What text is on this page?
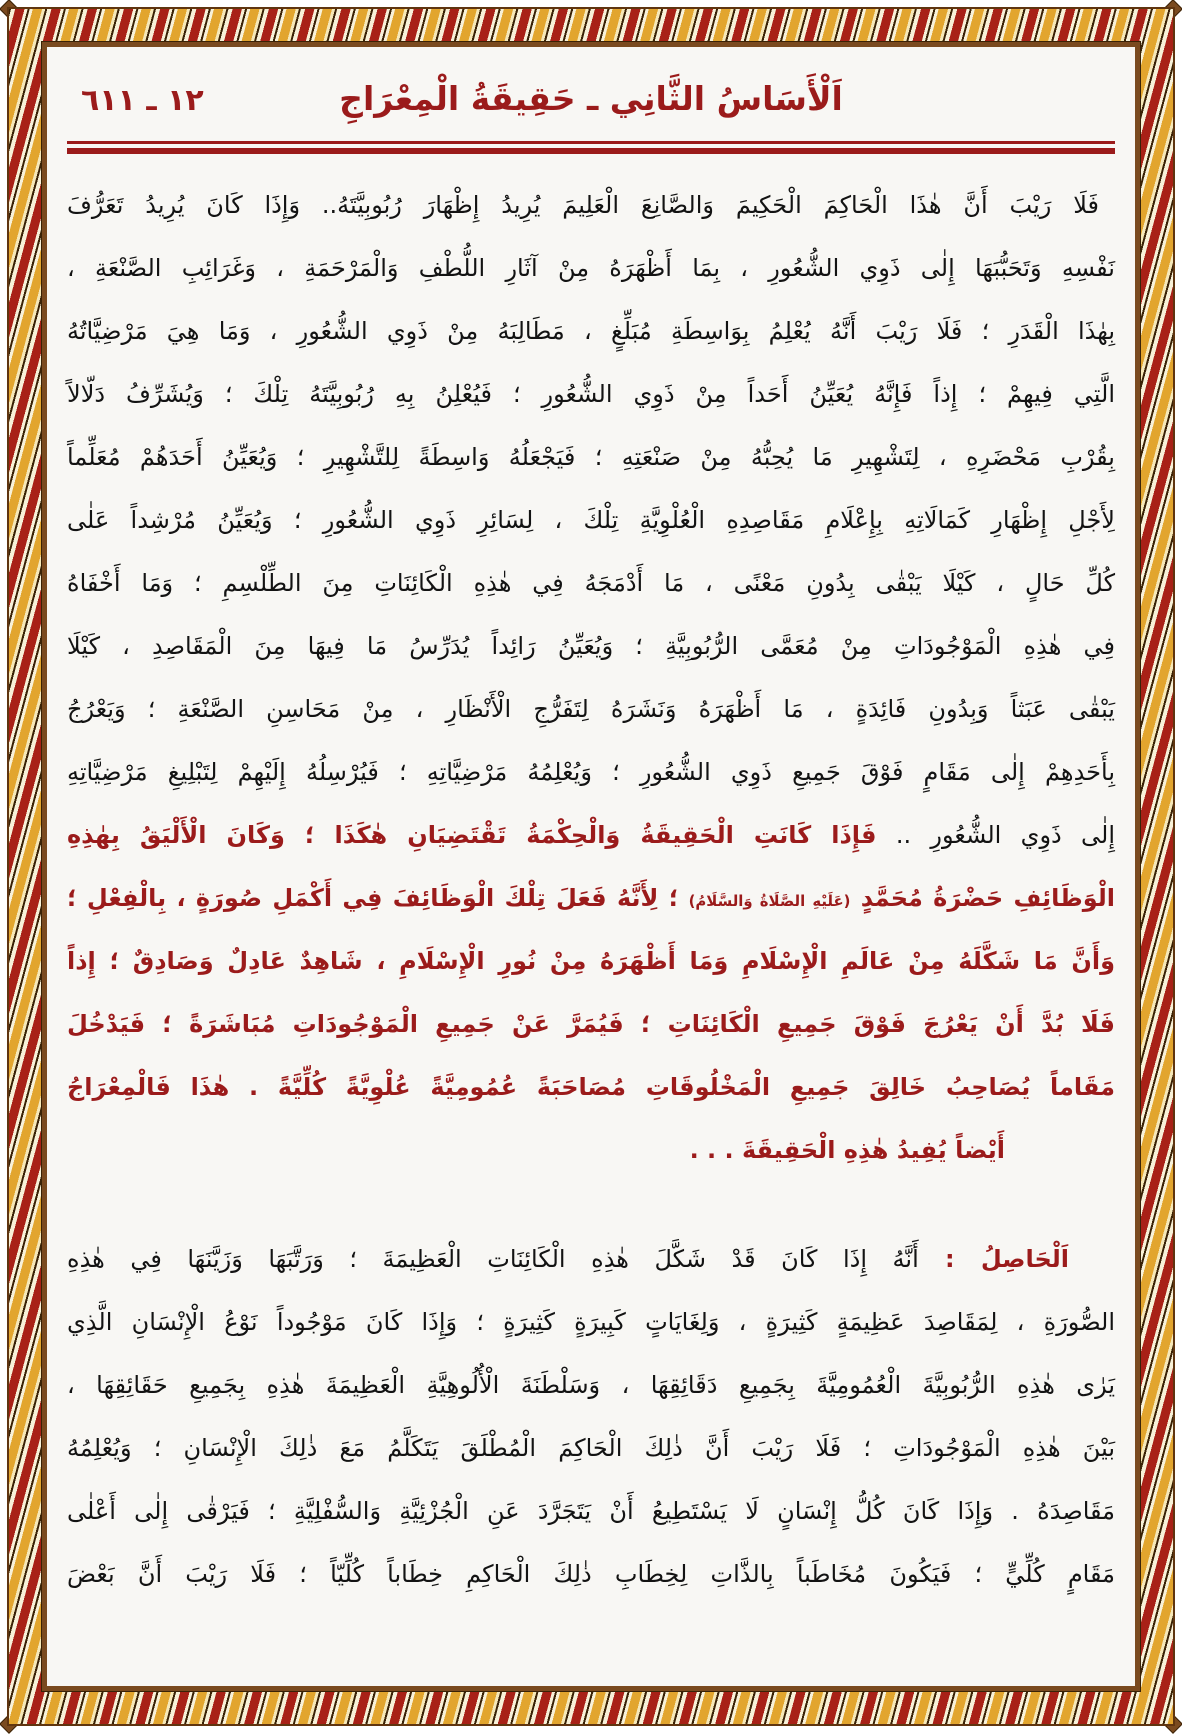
١٢ ـ ٦١١	اَلْأَسَاسُ الثَّانِي ـ حَقِيقَةُ الْمِعْرَاجِ
فَلَا رَيْبَ أَنَّ هٰذَا الْحَاكِمَ الْحَكِيمَ وَالصَّانِعَ الْعَلِيمَ يُرِيدُ إِظْهَارَ رُبُوبِيَّتَهُ.. وَإِذَا كَانَ يُرِيدُ تَعَرُّفَ
نَفْسِهِ وَتَحَبُّبَهَا إِلٰى ذَوِي الشُّعُورِ ، بِمَا أَظْهَرَهُ مِنْ آثَارِ اللُّطْفِ وَالْمَرْحَمَةِ ، وَغَرَائِبِ الصَّنْعَةِ ،
بِهٰذَا الْقَدَرِ ؛ فَلَا رَيْبَ أَنَّهُ يُعْلِمُ بِوَاسِطَةِ مُبَلِّغٍ ، مَطَالِبَهُ مِنْ ذَوِي الشُّعُورِ ، وَمَا هِيَ مَرْضِيَّاتُهُ
الَّتِي فِيهِمْ ؛ إِذاً فَإِنَّهُ يُعَيِّنُ أَحَداً مِنْ ذَوِي الشُّعُورِ ؛ فَيُعْلِنُ بِهِ رُبُوبِيَّتَهُ تِلْكَ ؛ وَيُشَرِّفُ دَلّالاً
بِقُرْبِ مَحْضَرِهِ ، لِتَشْهِيرِ مَا يُحِبُّهُ مِنْ صَنْعَتِهِ ؛ فَيَجْعَلُهُ وَاسِطَةً لِلتَّشْهِيرِ ؛ وَيُعَيِّنُ أَحَدَهُمْ مُعَلِّماً
لِأَجْلِ إِظْهَارِ كَمَالَاتِهِ بِإِعْلَامِ مَقَاصِدِهِ الْعُلْوِيَّةِ تِلْكَ ، لِسَائِرِ ذَوِي الشُّعُورِ ؛ وَيُعَيِّنُ مُرْشِداً عَلٰى
كُلِّ حَالٍ ، كَيْلَا يَبْقٰى بِدُونِ مَعْنًى ، مَا أَدْمَجَهُ فِي هٰذِهِ الْكَائِنَاتِ مِنَ الطِّلْسِمِ ؛ وَمَا أَخْفَاهُ
فِي هٰذِهِ الْمَوْجُودَاتِ مِنْ مُعَمَّى الرُّبُوبِيَّةِ ؛ وَيُعَيِّنُ رَائِداً يُدَرِّسُ مَا فِيهَا مِنَ الْمَقَاصِدِ ، كَيْلَا
يَبْقٰى عَبَثاً وَبِدُونِ فَائِدَةٍ ، مَا أَظْهَرَهُ وَنَشَرَهُ لِتَفَرُّجِ الْأَنْظَارِ ، مِنْ مَحَاسِنِ الصَّنْعَةِ ؛ وَيَعْرُجُ
بِأَحَدِهِمْ إِلٰى مَقَامٍ فَوْقَ جَمِيعِ ذَوِي الشُّعُورِ ؛ وَيُعْلِمُهُ مَرْضِيَّاتِهِ ؛ فَيُرْسِلُهُ إِلَيْهِمْ لِتَبْلِيغِ مَرْضِيَّاتِهِ
إِلٰى ذَوِي الشُّعُورِ .. فَإِذَا كَانَتِ الْحَقِيقَةُ وَالْحِكْمَةُ تَقْتَضِيَانِ هٰكَذَا ؛ وَكَانَ الْأَلْيَقُ بِهٰذِهِ
الْوَظَائِفِ حَضْرَةُ مُحَمَّدٍ (عَلَيْهِ الصَّلَاةُ وَالسَّلَامُ) ؛ لِأَنَّهُ فَعَلَ تِلْكَ الْوَظَائِفَ فِي أَكْمَلِ صُورَةٍ ، بِالْفِعْلِ ؛
وَأَنَّ مَا شَكَّلَهُ مِنْ عَالَمِ الْإِسْلَامِ وَمَا أَظْهَرَهُ مِنْ نُورِ الْإِسْلَامِ ، شَاهِدٌ عَادِلٌ وَصَادِقٌ ؛ إِذاً
فَلَا بُدَّ أَنْ يَعْرُجَ فَوْقَ جَمِيعِ الْكَائِنَاتِ ؛ فَيُمَرَّ عَنْ جَمِيعِ الْمَوْجُودَاتِ مُبَاشَرَةً ؛ فَيَدْخُلَ
مَقَاماً يُصَاحِبُ خَالِقَ جَمِيعِ الْمَخْلُوقَاتِ مُصَاحَبَةً عُمُومِيَّةً عُلْوِيَّةً كُلِّيَّةً . هٰذَا فَالْمِعْرَاجُ
أَيْضاً يُفِيدُ هٰذِهِ الْحَقِيقَةَ . . .
اَلْحَاصِلُ : أَنَّهُ إِذَا كَانَ قَدْ شَكَّلَ هٰذِهِ الْكَائِنَاتِ الْعَظِيمَةَ ؛ وَرَتَّبَهَا وَزَيَّنَهَا فِي هٰذِهِ
الصُّورَةِ ، لِمَقَاصِدَ عَظِيمَةٍ كَثِيرَةٍ ، وَلِغَايَاتٍ كَبِيرَةٍ كَثِيرَةٍ ؛ وَإِذَا كَانَ مَوْجُوداً نَوْعُ الْإِنْسَانِ الَّذِي
يَرٰى هٰذِهِ الرُّبُوبِيَّةَ الْعُمُومِيَّةَ بِجَمِيعِ دَقَائِقِهَا ، وَسَلْطَنَةَ الْأُلُوهِيَّةِ الْعَظِيمَةَ هٰذِهِ بِجَمِيعِ حَقَائِقِهَا ،
بَيْنَ هٰذِهِ الْمَوْجُودَاتِ ؛ فَلَا رَيْبَ أَنَّ ذٰلِكَ الْحَاكِمَ الْمُطْلَقَ يَتَكَلَّمُ مَعَ ذٰلِكَ الْإِنْسَانِ ؛ وَيُعْلِمُهُ
مَقَاصِدَهُ . وَإِذَا كَانَ كُلُّ إِنْسَانٍ لَا يَسْتَطِيعُ أَنْ يَتَجَرَّدَ عَنِ الْجُزْئِيَّةِ وَالسُّفْلِيَّةِ ؛ فَيَرْقٰى إِلٰى أَعْلٰى
مَقَامٍ كُلِّيٍّ ؛ فَيَكُونَ مُخَاطَباً بِالذَّاتِ لِخِطَابِ ذٰلِكَ الْحَاكِمِ خِطَاباً كُلِّيّاً ؛ فَلَا رَيْبَ أَنَّ بَعْضَ
